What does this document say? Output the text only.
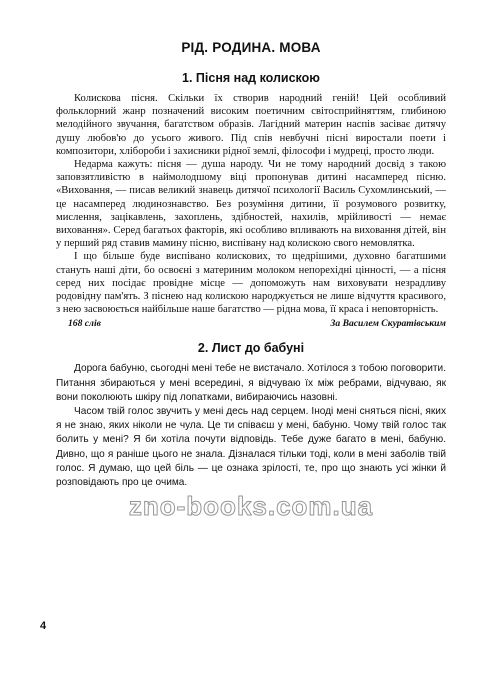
РІД. РОДИНА. МОВА
1. Пісня над колискою

Колискова пісня. Скільки їх створив народний геній! Цей особливий фольклорний жанр позначений високим поетичним світосприйняттям, глибиною мелодійного звучання, багатством образів. Лагідний материн наспів засіває дитячу душу любов'ю до усього живого. Під спів невбучні пісні виростали поети і композитори, хлібороби і захисники рідної землі, філософи і мудреці, просто люди.

Недарма кажуть: пісня — душа народу. Чи не тому народний досвід з такою заповзятливістю в наймолодшому віці пропонував дитині насамперед пісню. «Виховання, — писав великий знавець дитячої психології Василь Сухомлинський, — це насамперед людинознавство. Без розуміння дитини, її розумового розвитку, мислення, зацікавлень, захоплень, здібностей, нахилів, мрійливості — немає виховання». Серед багатьох факторів, які особливо впливають на виховання дітей, він у перший ряд ставив мамину пісню, виспівану над колискою свого немовлятка.

І що більше буде виспівано колискових, то щедрішими, духовно багатшими стануть наші діти, бо освоєні з материним молоком непорехідні цінності, — а пісня серед них посідає провідне місце — допоможуть нам виховувати незрадливу родовідну пам'ять. З піснею над колискою народжується не лише відчуття красивого, з нею засвоюється найбільше наше багатство — рідна мова, її краса і неповторність.

168 слів	За Василем Скуратівським
2. Лист до бабуні

Дорога бабуню, сьогодні мені тебе не вистачало. Хотілося з тобою поговорити. Питання збираються у мені всередині, я відчуваю їх між ребрами, відчуваю, як вони поколюють шкіру під лопатками, вибираючись назовні.

Часом твій голос звучить у мені десь над серцем. Іноді мені сняться пісні, яких я не знаю, яких ніколи не чула. Це ти співаєш у мені, бабуню. Чому твій голос так болить у мені? Я би хотіла почути відповідь. Тебе дуже багато в мені, бабуню. Дивно, що я раніше цього не знала. Дізналася тільки тоді, коли в мені заболів твій голос. Я думаю, що цей біль — це ознака зрілості, те, про що знають усі жінки й розповідають про це очима.

zno-books.com.ua
4
